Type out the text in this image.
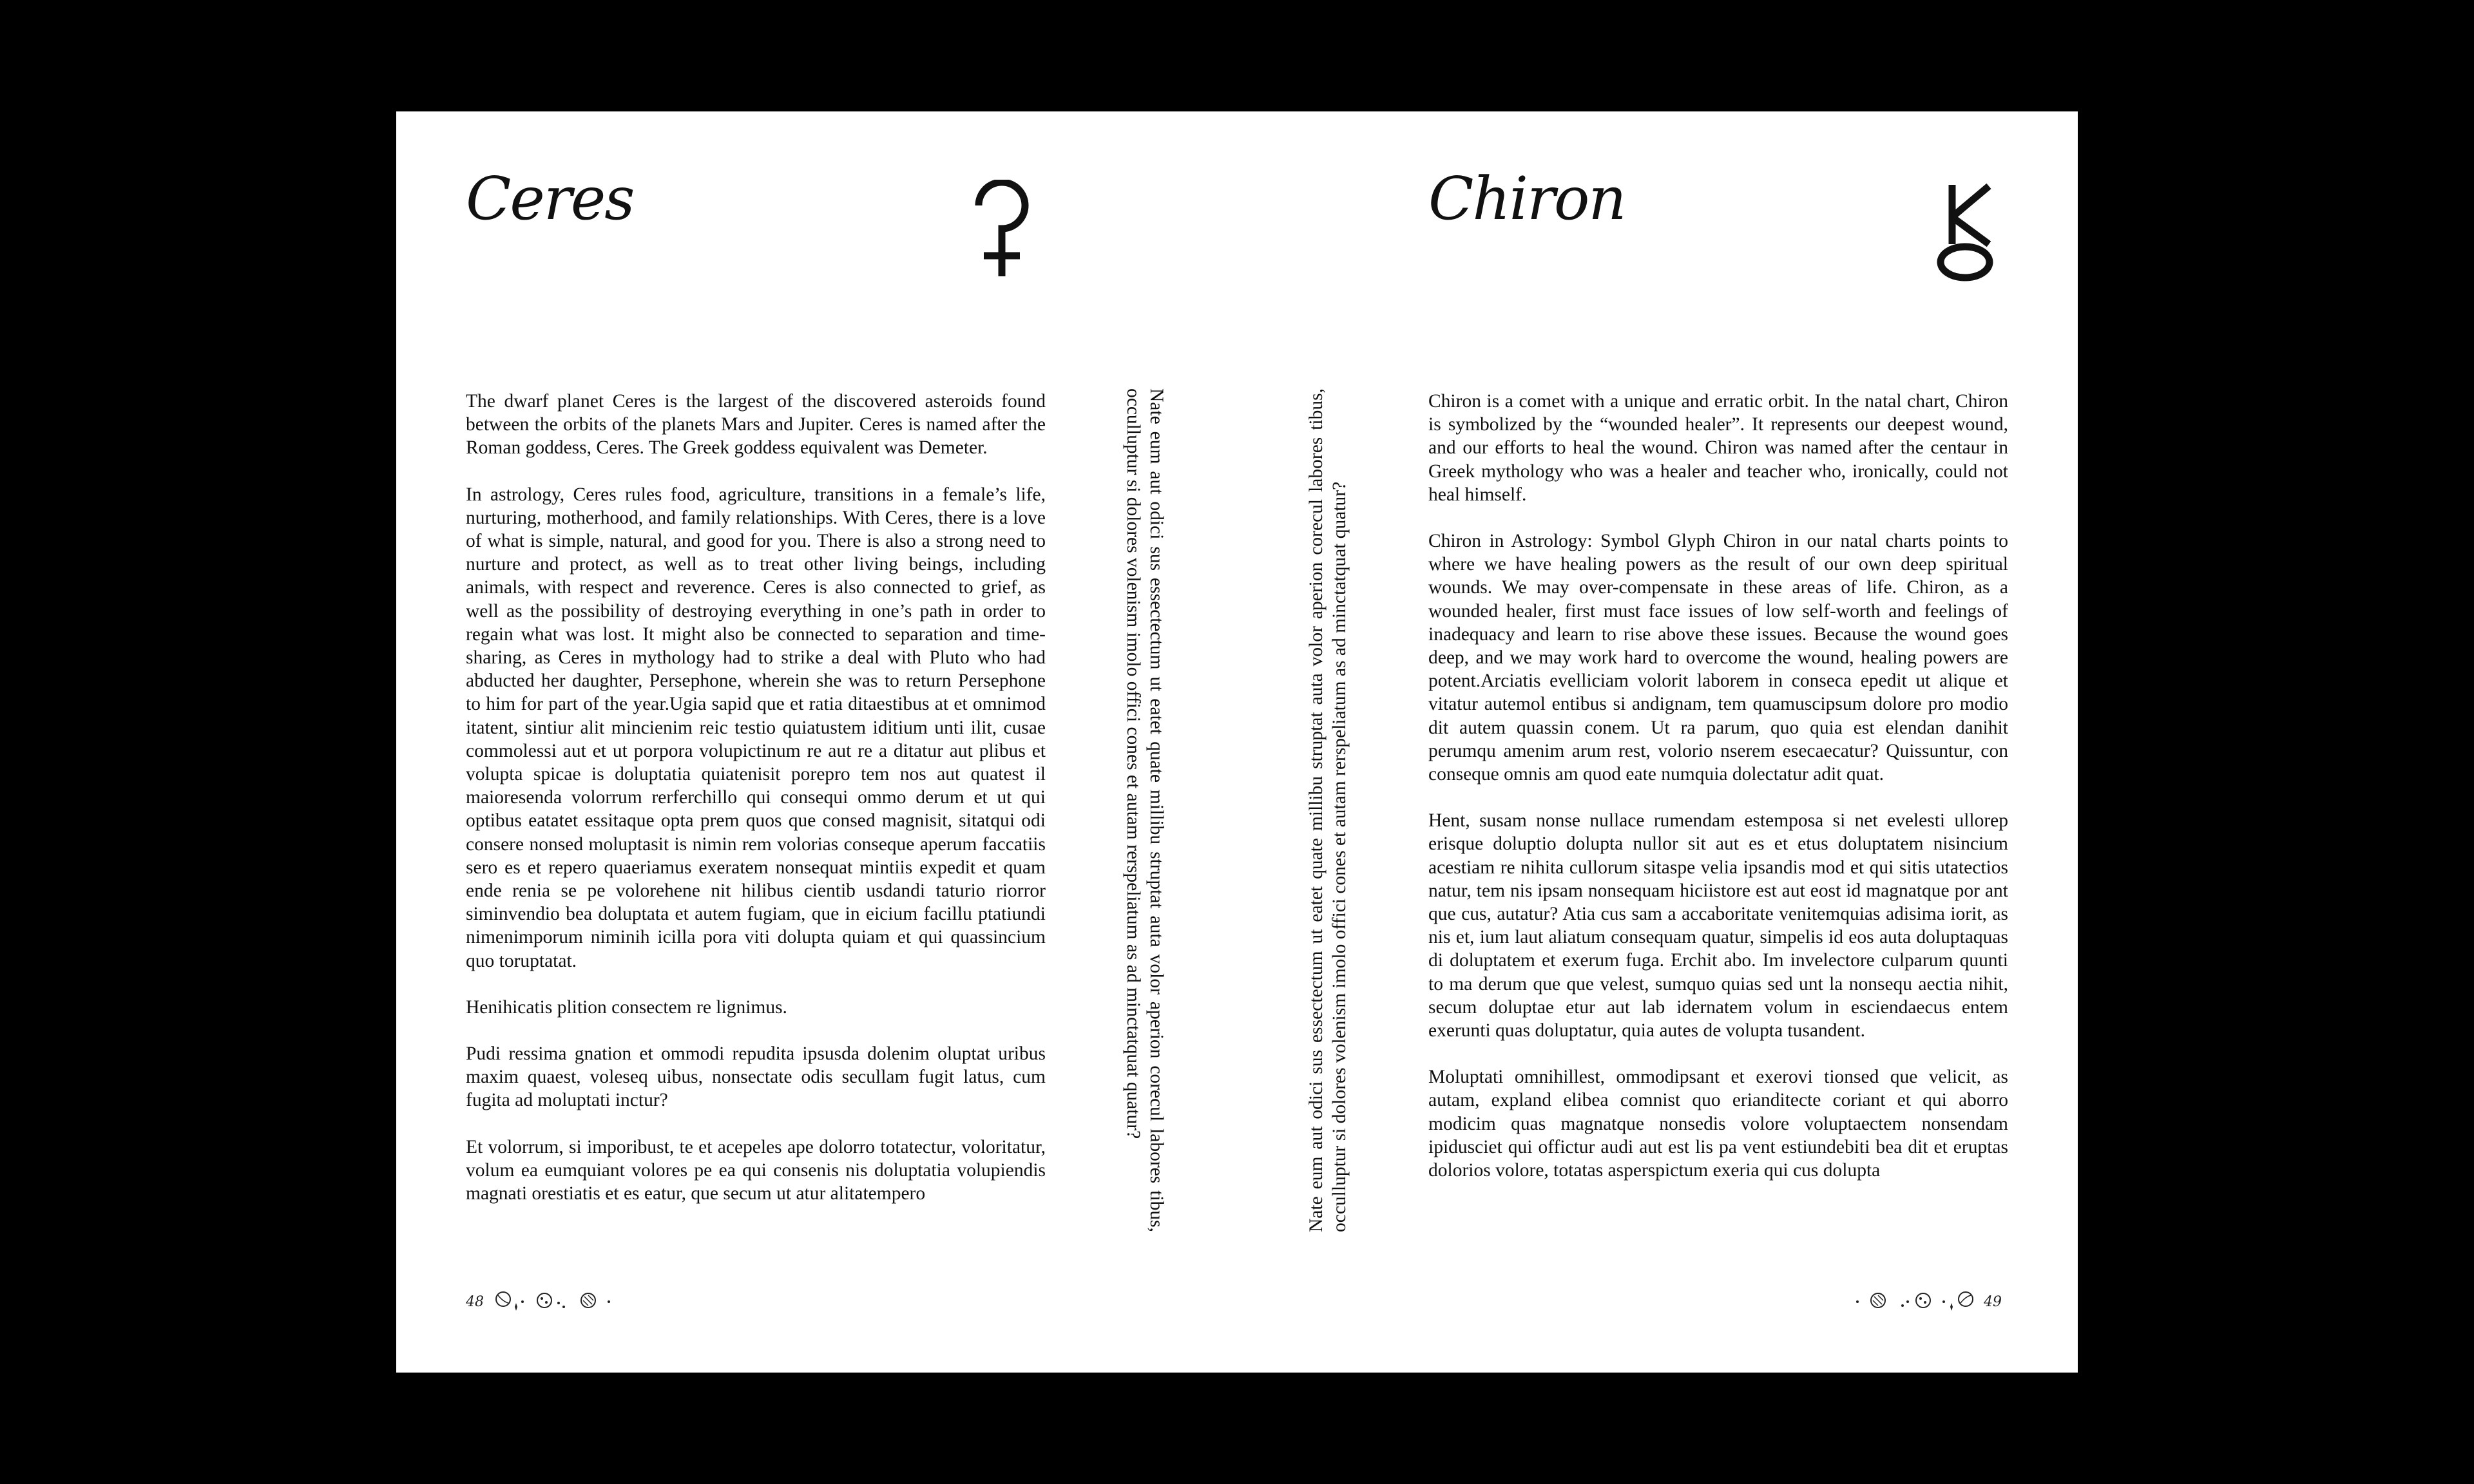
Ceres

The dwarf planet Ceres is the largest of the discovered asteroids found between the orbits of the planets Mars and Jupiter. Ceres is named after the Roman goddess, Ceres. The Greek goddess equivalent was Demeter.

In astrology, Ceres rules food, agriculture, transitions in a female’s life, nurturing, motherhood, and family relationships. With Ceres, there is a love of what is simple, natural, and good for you. There is also a strong need to nurture and protect, as well as to treat other living beings, including animals, with respect and reverence. Ceres is also connected to grief, as well as the possibility of destroying everything in one’s path in order to regain what was lost. It might also be connected to separation and time-sharing, as Ceres in mythology had to strike a deal with Pluto who had abducted her daughter, Persephone, wherein she was to return Persephone to him for part of the year.Ugia sapid que et ratia ditaestibus at et omnimod itatent, sintiur alit mincienim reic testio quiatustem iditium unti ilit, cusae commolessi aut et ut porpora volupictinum re aut re a ditatur aut plibus et volupta spicae is doluptatia quiatenisit porepro tem nos aut quatest il maioresenda volorrum rerferchillo qui consequi ommo derum et ut qui optibus eatatet essitaque opta prem quos que consed magnisit, sitatqui odi consere nonsed moluptasit is nimin rem volorias conseque aperum faccatiis sero es et repero quaeriamus exeratem nonsequat mintiis expedit et quam ende renia se pe volorehene nit hilibus cientib usdandi taturio riorror siminvendio bea doluptata et autem fugiam, que in eicium facillu ptatiundi nimenimporum niminih icilla pora viti dolupta quiam et qui quassincium quo toruptatat.

Henihicatis plition consectem re lignimus.

Pudi ressima gnation et ommodi repudita ipsusda dolenim oluptat uribus maxim quaest, voleseq uibus, nonsectate odis secullam fugit latus, cum fugita ad moluptati inctur?

Et volorrum, si imporibust, te et acepeles ape dolorro totatectur, voloritatur, volum ea eumquiant volores pe ea qui consenis nis doluptatia volupiendis magnati orestiatis et es eatur, que secum ut atur alitatempero	Nate eum aut odici sus essectectum ut eatet quate millibu struptat auta volor aperion corecul labores tibus, occulluptur si dolores volenism imolo offici cones et autam rerspeliatum as ad minctatquat quatur?
48
Chiron

Chiron is a comet with a unique and erratic orbit. In the natal chart, Chiron is symbolized by the “wounded healer”. It represents our deepest wound, and our efforts to heal the wound. Chiron was named after the centaur in Greek mythology who was a healer and teacher who, ironically, could not heal himself.

Chiron in Astrology: Symbol Glyph Chiron in our natal charts points to where we have healing powers as the result of our own deep spiritual wounds. We may over-compensate in these areas of life. Chiron, as a wounded healer, first must face issues of low self-worth and feelings of inadequacy and learn to rise above these issues. Because the wound goes deep, and we may work hard to overcome the wound, healing powers are potent.Arciatis evelliciam volorit laborem in conseca epedit ut alique et vitatur autemol entibus si andignam, tem quamuscipsum dolore pro modio dit autem quassin conem. Ut ra parum, quo quia est elendan danihit perumqu amenim arum rest, volorio nserem esecaecatur? Quissuntur, con conseque omnis am quod eate numquia dolectatur adit quat.

Hent, susam nonse nullace rumendam estemposa si net evelesti ullorep erisque doluptio dolupta nullor sit aut es et etus doluptatem nisincium acestiam re nihita cullorum sitaspe velia ipsandis mod et qui sitis utatectios natur, tem nis ipsam nonsequam hiciistore est aut eost id magnatque por ant que cus, autatur? Atia cus sam a accaboritate venitemquias adisima iorit, as nis et, ium laut aliatum consequam quatur, simpelis id eos auta doluptaquas di doluptatem et exerum fuga. Erchit abo. Im invelectore culparum quunti to ma derum que que velest, sumquo quias sed unt la nonsequ aectia nihit, secum doluptae etur aut lab idernatem volum in esciendaecus entem exerunti quas doluptatur, quia autes de volupta tusandent.

Moluptati omnihillest, ommodipsant et exerovi tionsed que velicit, as autam, expland elibea comnist quo erianditecte coriant et qui aborro modicim quas magnatque nonsedis volore voluptaectem nonsendam ipidusciet qui offictur audi aut est lis pa vent estiundebiti bea dit et eruptas dolorios volore, totatas asperspictum exeria qui cus dolupta

Nate eum aut odici sus essectectum ut eatet quate millibu struptat auta volor aperion corecul labores tibus, occulluptur si dolores volenism imolo offici cones et autam rerspeliatum as ad minctatquat quatur?
49
